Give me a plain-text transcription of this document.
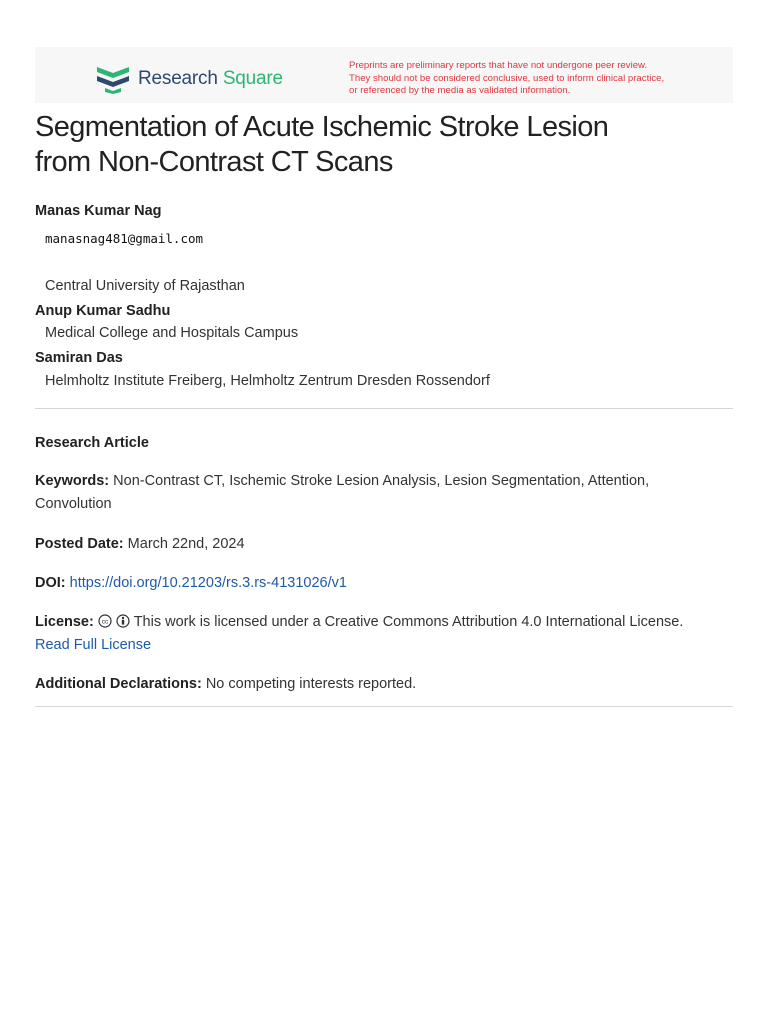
Research Square
Preprints are preliminary reports that have not undergone peer review.
They should not be considered conclusive, used to inform clinical practice,
or referenced by the media as validated information.
Segmentation of Acute Ischemic Stroke Lesion
from Non-Contrast CT Scans
Manas Kumar Nag
manasnag481@gmail.com
Central University of Rajasthan
Anup Kumar Sadhu
Medical College and Hospitals Campus
Samiran Das
Helmholtz Institute Freiberg, Helmholtz Zentrum Dresden Rossendorf
Research Article
Keywords: Non-Contrast CT, Ischemic Stroke Lesion Analysis, Lesion Segmentation, Attention, Convolution
Posted Date: March 22nd, 2024
DOI: https://doi.org/10.21203/rs.3.rs-4131026/v1
License: cc This work is licensed under a Creative Commons Attribution 4.0 International License.
Read Full License
Additional Declarations: No competing interests reported.
